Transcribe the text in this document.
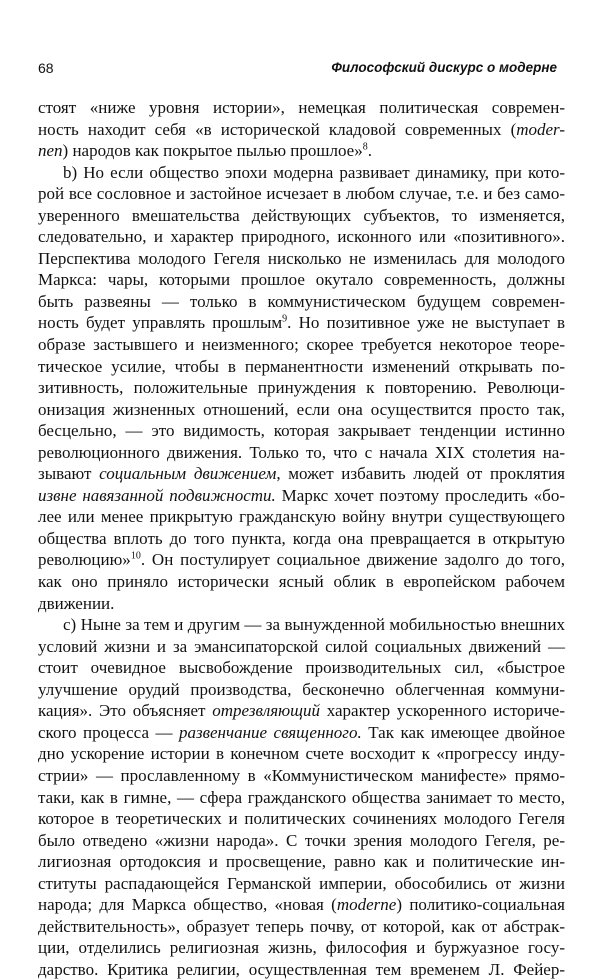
68	Философский дискурс о модерне
стоят «ниже уровня истории», немецкая политическая современ-
ность находит себя «в исторической кладовой современных (moder-
nen) народов как покрытое пылью прошлое»$^8$.
b) Но если общество эпохи модерна развивает динамику, при кото-
рой все сословное и застойное исчезает в любом случае, т.е. и без само-
уверенного вмешательства действующих субъектов, то изменяется,
следовательно, и характер природного, исконного или «позитивного».
Перспектива молодого Гегеля нисколько не изменилась для молодого
Маркса: чары, которыми прошлое окутало современность, должны
быть развеяны — только в коммунистическом будущем современ-
ность будет управлять прошлым$^9$. Но позитивное уже не выступает в
образе застывшего и неизменного; скорее требуется некоторое теоре-
тическое усилие, чтобы в перманентности изменений открывать по-
зитивность, положительные принуждения к повторению. Революци-
онизация жизненных отношений, если она осуществится просто так,
бесцельно, — это видимость, которая закрывает тенденции истинно
революционного движения. Только то, что с начала XIX столетия на-
зывают социальным движением, может избавить людей от проклятия
извне навязанной подвижности. Маркс хочет поэтому проследить «бо-
лее или менее прикрытую гражданскую войну внутри существующего
общества вплоть до того пункта, когда она превращается в открытую
революцию»$^{10}$. Он постулирует социальное движение задолго до того,
как оно приняло исторически ясный облик в европейском рабочем
движении.
c) Ныне за тем и другим — за вынужденной мобильностью внешних
условий жизни и за эмансипаторской силой социальных движений —
стоит очевидное высвобождение производительных сил, «быстрое
улучшение орудий производства, бесконечно облегченная коммуни-
кация». Это объясняет отрезвляющий характер ускоренного историче-
ского процесса — развенчание священного. Так как имеющее двойное
дно ускорение истории в конечном счете восходит к «прогрессу инду-
стрии» — прославленному в «Коммунистическом манифесте» прямо-
таки, как в гимне, — сфера гражданского общества занимает то место,
которое в теоретических и политических сочинениях молодого Гегеля
было отведено «жизни народа». С точки зрения молодого Гегеля, ре-
лигиозная ортодоксия и просвещение, равно как и политические ин-
ституты распадающейся Германской империи, обособились от жизни
народа; для Маркса общество, «новая (moderne) политико-социальная
действительность», образует теперь почву, от которой, как от абстрак-
ции, отделились религиозная жизнь, философия и буржуазное госу-
дарство. Критика религии, осуществленная тем временем Л. Фейер-
